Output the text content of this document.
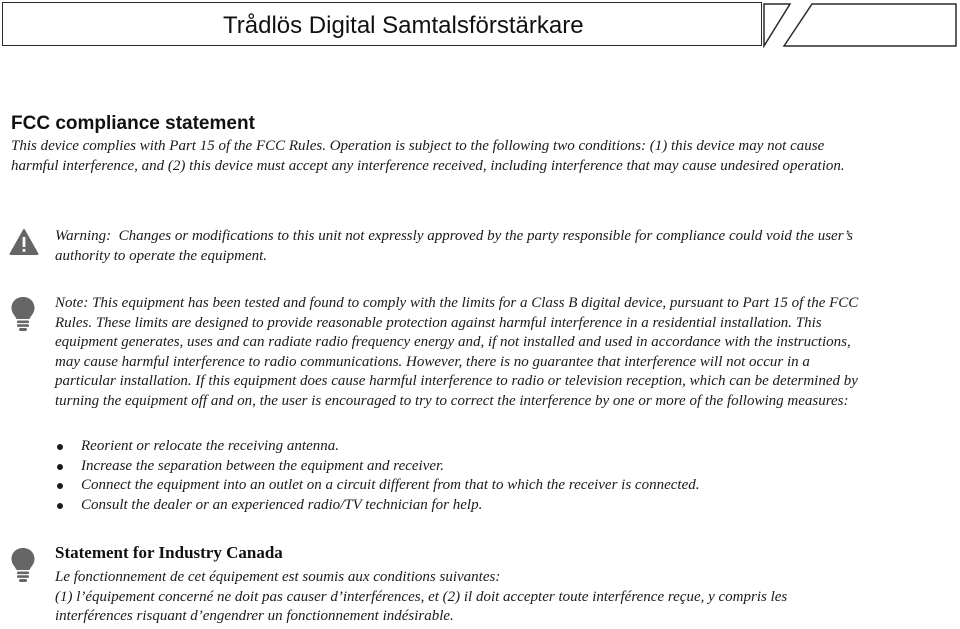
Trådlös Digital Samtalsförstärkare
FCC compliance statement
This device complies with Part 15 of the FCC Rules. Operation is subject to the following two conditions: (1) this device may not cause harmful interference, and (2) this device must accept any interference received, including interference that may cause undesired operation.
Warning: Changes or modifications to this unit not expressly approved by the party responsible for compliance could void the user’s authority to operate the equipment.
Note: This equipment has been tested and found to comply with the limits for a Class B digital device, pursuant to Part 15 of the FCC Rules. These limits are designed to provide reasonable protection against harmful interference in a residential installation. This equipment generates, uses and can radiate radio frequency energy and, if not installed and used in accordance with the instructions, may cause harmful interference to radio communications. However, there is no guarantee that interference will not occur in a particular installation. If this equipment does cause harmful interference to radio or television reception, which can be determined by turning the equipment off and on, the user is encouraged to try to correct the interference by one or more of the following measures:
Reorient or relocate the receiving antenna.
Increase the separation between the equipment and receiver.
Connect the equipment into an outlet on a circuit different from that to which the receiver is connected.
Consult the dealer or an experienced radio/TV technician for help.
Statement for Industry Canada
Le fonctionnement de cet équipement est soumis aux conditions suivantes:
(1) l’équipement concerné ne doit pas causer d’interférences, et (2) il doit accepter toute interférence reçue, y compris les interférences risquant d’engendrer un fonctionnement indésirable.
